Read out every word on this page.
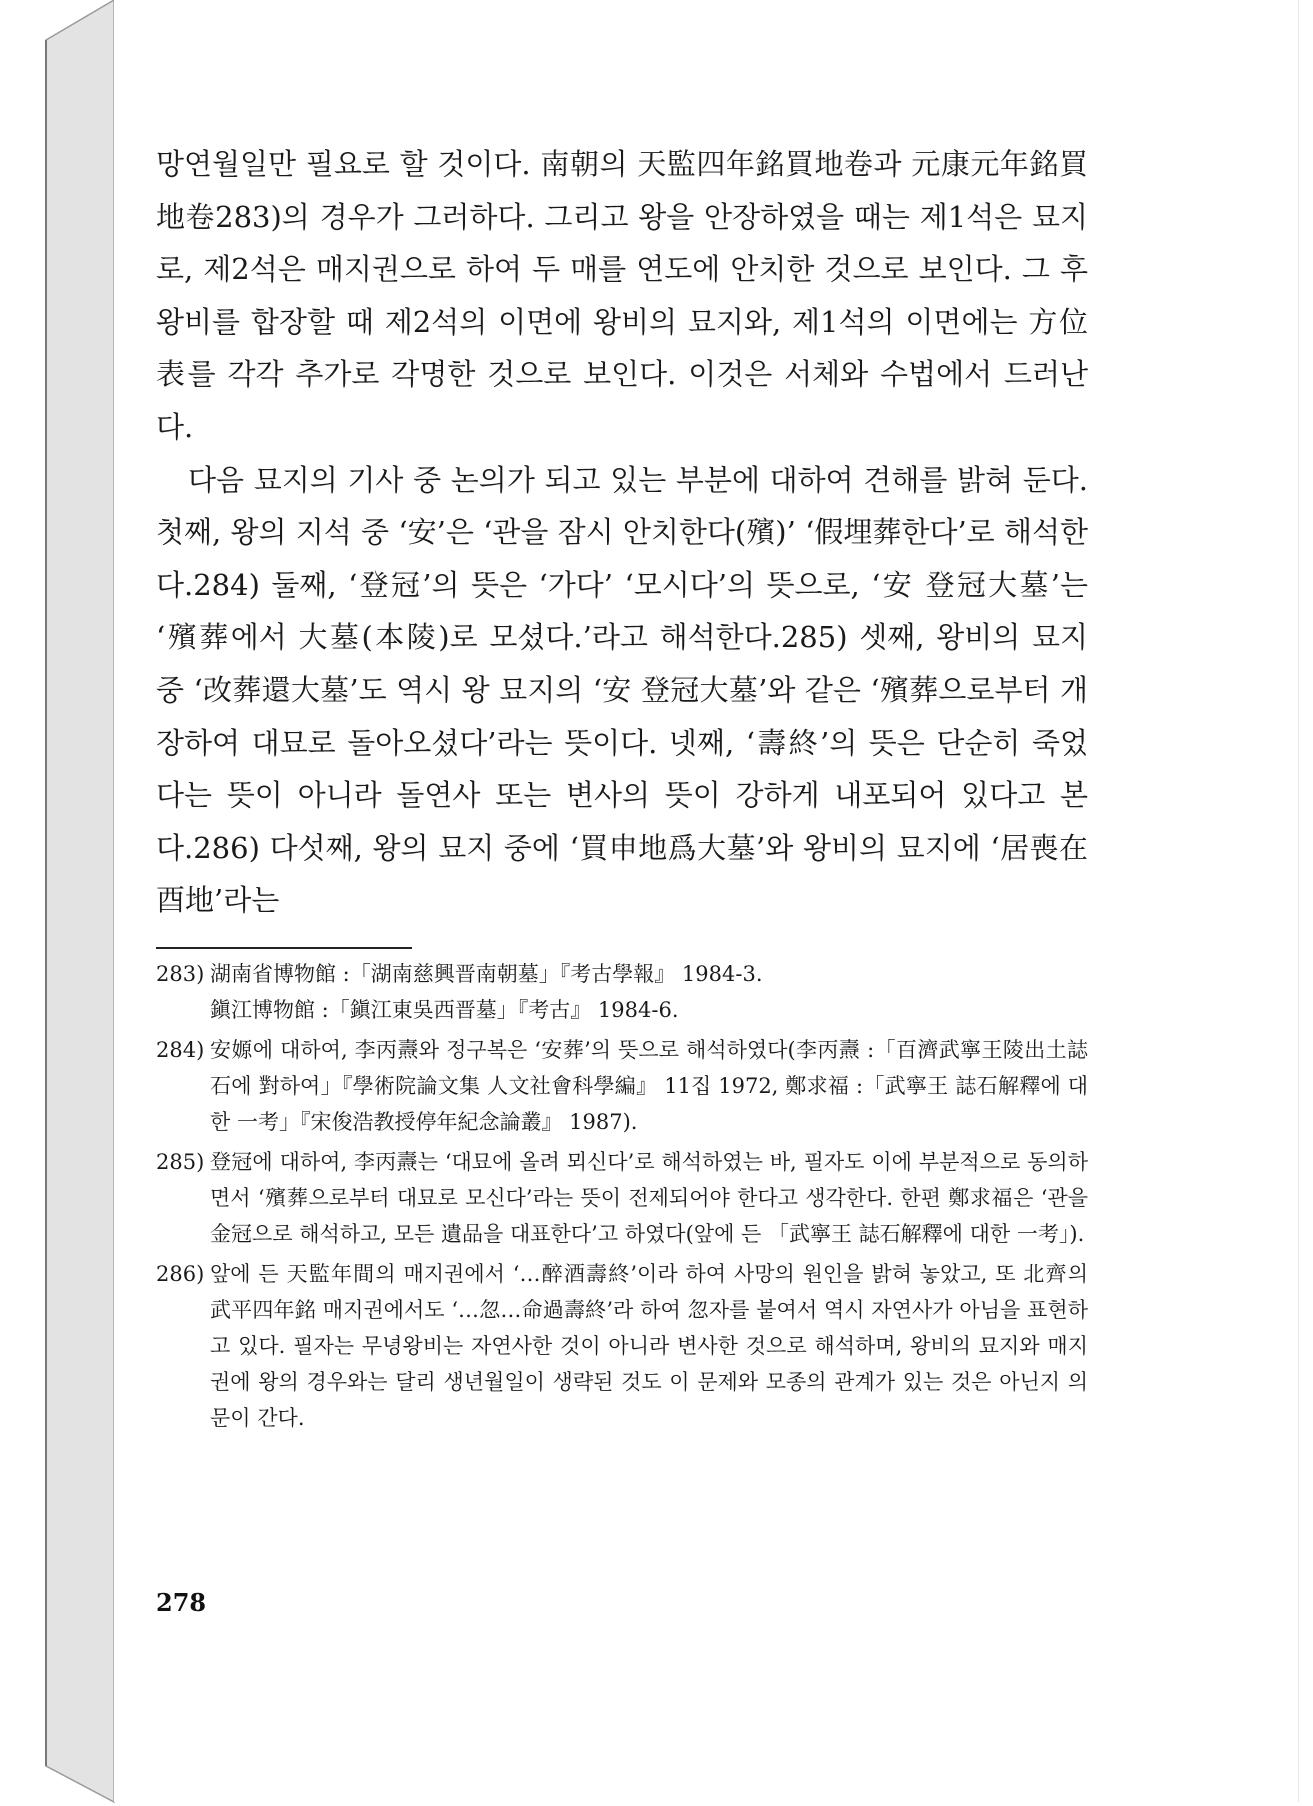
망연월일만 필요로 할 것이다. 南朝의 天監四年銘買地卷과 元康元年銘買地卷283)의 경우가 그러하다. 그리고 왕을 안장하였을 때는 제1석은 묘지로, 제2석은 매지권으로 하여 두 매를 연도에 안치한 것으로 보인다. 그 후 왕비를 합장할 때 제2석의 이면에 왕비의 묘지와, 제1석의 이면에는 方位表를 각각 추가로 각명한 것으로 보인다. 이것은 서체와 수법에서 드러난다.

다음 묘지의 기사 중 논의가 되고 있는 부분에 대하여 견해를 밝혀 둔다. 첫째, 왕의 지석 중 ‘安’은 ‘관을 잠시 안치한다(殯)’ ‘假埋葬한다’로 해석한다.284) 둘째, ‘登冠’의 뜻은 ‘가다’ ‘모시다’의 뜻으로, ‘安 登冠大墓’는 ‘殯葬에서 大墓(本陵)로 모셨다.’라고 해석한다.285) 셋째, 왕비의 묘지 중 ‘改葬還大墓’도 역시 왕 묘지의 ‘安 登冠大墓’와 같은 ‘殯葬으로부터 개장하여 대묘로 돌아오셨다’라는 뜻이다. 넷째, ‘壽終’의 뜻은 단순히 죽었다는 뜻이 아니라 돌연사 또는 변사의 뜻이 강하게 내포되어 있다고 본다.286) 다섯째, 왕의 묘지 중에 ‘買申地爲大墓’와 왕비의 묘지에 ‘居喪在酉地’라는

283) 湖南省博物館 :「湖南慈興晋南朝墓」『考古學報』 1984-3.
鎭江博物館 :「鎭江東吳西晋墓」『考古』 1984-6.
284) 安嫄에 대하여, 李丙燾와 정구복은 ‘安葬’의 뜻으로 해석하였다(李丙燾 :「百濟武寧王陵出土誌石에 對하여」『學術院論文集 人文社會科學編』 11집 1972, 鄭求福 :「武寧王 誌石解釋에 대한 一考」『宋俊浩教授停年紀念論叢』 1987).
285) 登冠에 대하여, 李丙燾는 ‘대묘에 올려 뫼신다’로 해석하였는 바, 필자도 이에 부분적으로 동의하면서 ‘殯葬으로부터 대묘로 모신다’라는 뜻이 전제되어야 한다고 생각한다. 한편 鄭求福은 ‘관을 金冠으로 해석하고, 모든 遺品을 대표한다’고 하였다(앞에 든 「武寧王 誌石解釋에 대한 一考」).
286) 앞에 든 天監年間의 매지권에서 ‘…醉酒壽終’이라 하여 사망의 원인을 밝혀 놓았고, 또 北齊의 武平四年銘 매지권에서도 ‘…忽…命過壽終’라 하여 忽자를 붙여서 역시 자연사가 아님을 표현하고 있다. 필자는 무녕왕비는 자연사한 것이 아니라 변사한 것으로 해석하며, 왕비의 묘지와 매지권에 왕의 경우와는 달리 생년월일이 생략된 것도 이 문제와 모종의 관계가 있는 것은 아닌지 의문이 간다.
278
